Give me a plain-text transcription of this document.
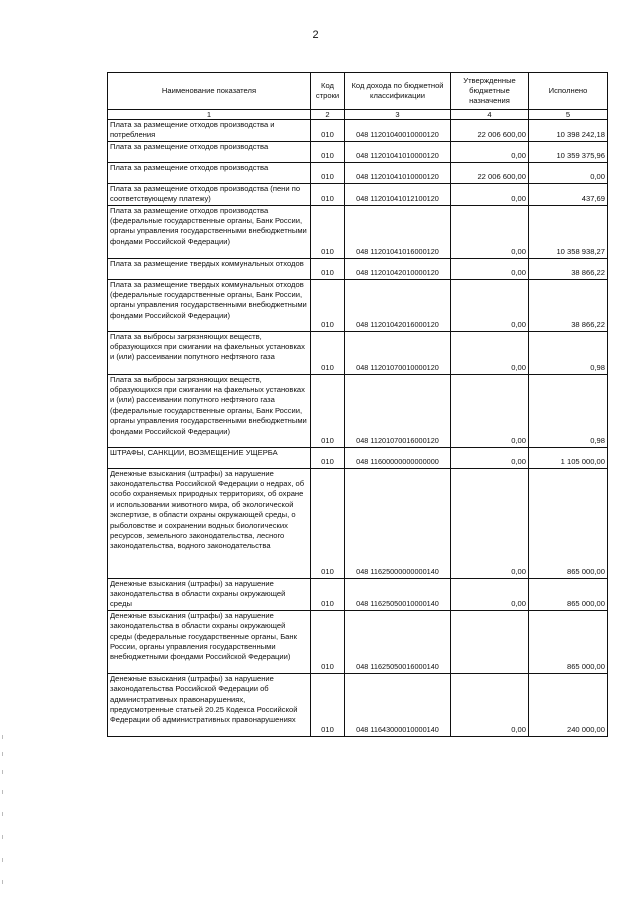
2
Наименование показателя	Код строки	Код дохода по бюджетной классификации	Утвержденные бюджетные назначения	Исполнено
1	2	3	4	5
Плата за размещение отходов производства и потребления	010	048 11201040010000120	22 006 600,00	10 398 242,18
Плата за размещение отходов производства	010	048 11201041010000120	0,00	10 359 375,96
Плата за размещение отходов производства	010	048 11201041010000120	22 006 600,00	0,00
Плата за размещение отходов производства (пени по соответствующему платежу)	010	048 11201041012100120	0,00	437,69
Плата за размещение отходов производства (федеральные государственные органы, Банк России, органы управления государственными внебюджетными фондами Российской Федерации)	010	048 11201041016000120	0,00	10 358 938,27
Плата за размещение твердых коммунальных отходов	010	048 11201042010000120	0,00	38 866,22
Плата за размещение твердых коммунальных отходов (федеральные государственные органы, Банк России, органы управления государственными внебюджетными фондами Российской Федерации)	010	048 11201042016000120	0,00	38 866,22
Плата за выбросы загрязняющих веществ, образующихся при сжигании на факельных установках и (или) рассеивании попутного нефтяного газа	010	048 11201070010000120	0,00	0,98
Плата за выбросы загрязняющих веществ, образующихся при сжигании на факельных установках и (или) рассеивании попутного нефтяного газа (федеральные государственные органы, Банк России, органы управления государственными внебюджетными фондами Российской Федерации)	010	048 11201070016000120	0,00	0,98
ШТРАФЫ, САНКЦИИ, ВОЗМЕЩЕНИЕ УЩЕРБА	010	048 11600000000000000	0,00	1 105 000,00
Денежные взыскания (штрафы) за нарушение законодательства Российской Федерации о недрах, об особо охраняемых природных территориях, об охране и использовании животного мира, об экологической экспертизе, в области охраны окружающей среды, о рыболовстве и сохранении водных биологических ресурсов, земельного законодательства, лесного законодательства, водного законодательства	010	048 11625000000000140	0,00	865 000,00
Денежные взыскания (штрафы) за нарушение законодательства в области охраны окружающей среды	010	048 11625050010000140	0,00	865 000,00
Денежные взыскания (штрафы) за нарушение законодательства в области охраны окружающей среды (федеральные государственные органы, Банк России, органы управления государственными внебюджетными фондами Российской Федерации)	010	048 11625050016000140		865 000,00
Денежные взыскания (штрафы) за нарушение законодательства Российской Федерации об административных правонарушениях, предусмотренные статьей 20.25 Кодекса Российской Федерации об административных правонарушениях	010	048 11643000010000140	0,00	240 000,00
